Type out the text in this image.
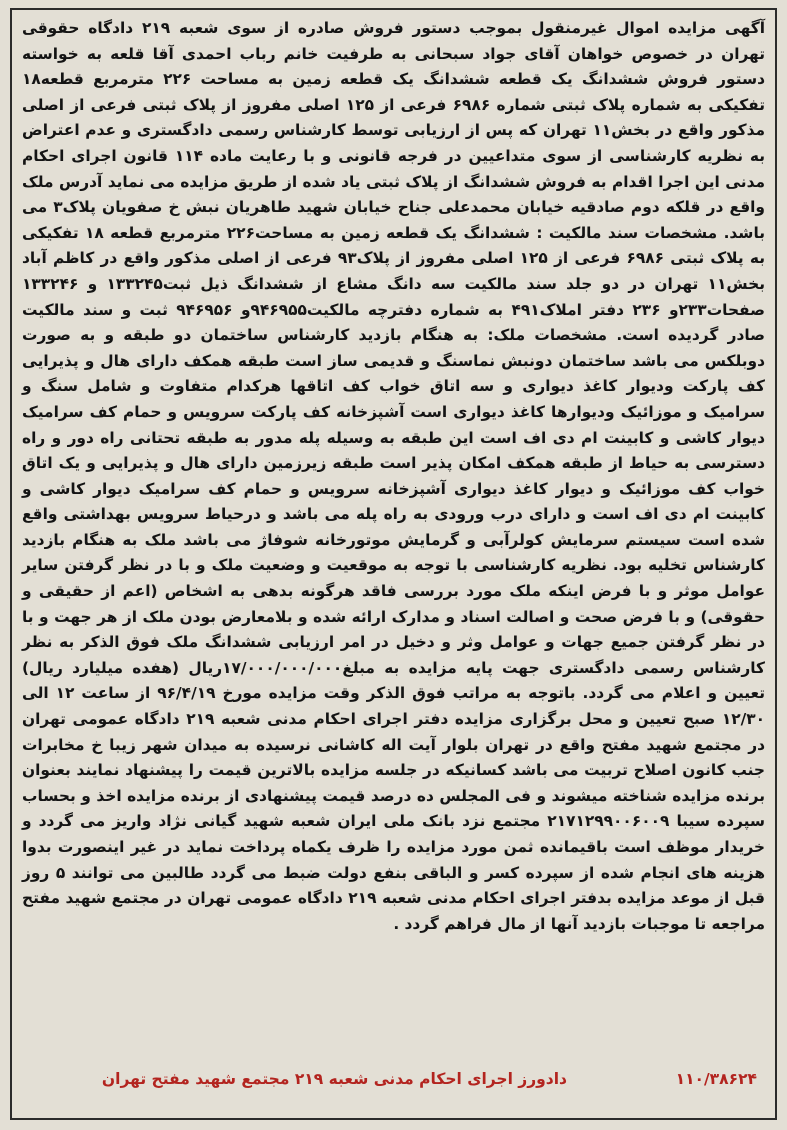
آگهی مزایده اموال غیرمنقول بموجب دستور فروش صادره از سوی شعبه ۲۱۹ دادگاه حقوقی تهران در خصوص خواهان آقای جواد سبحانی به طرفیت خانم رباب احمدی آقا قلعه به خواسته دستور فروش ششدانگ یک قطعه ششدانگ یک قطعه زمین به مساحت ۲۲۶ مترمربع قطعه۱۸ تفکیکی به شماره پلاک ثبتی شماره ۶۹۸۶ فرعی از ۱۲۵ اصلی مفروز از پلاک ثبتی فرعی از اصلی مذکور واقع در بخش۱۱ تهران که پس از ارزیابی توسط کارشناس رسمی دادگستری و عدم اعتراض به نظریه کارشناسی از سوی متداعیین در فرجه قانونی و با رعایت ماده ۱۱۴ قانون اجرای احکام مدنی این اجرا اقدام به فروش ششدانگ از پلاک ثبتی یاد شده از طریق مزایده می نماید آدرس ملک واقع در قلکه دوم صادقیه خیابان محمدعلی جناح خیابان شهید طاهریان نبش خ صفویان پلاک۳ می باشد. مشخصات سند مالکیت : ششدانگ یک قطعه زمین به مساحت۲۲۶ مترمربع قطعه ۱۸ تفکیکی به پلاک ثبتی ۶۹۸۶ فرعی از ۱۲۵ اصلی مفروز از پلاک۹۳ فرعی از اصلی مذکور واقع در کاظم آباد بخش۱۱ تهران در دو جلد سند مالکیت سه دانگ مشاع از ششدانگ ذیل ثبت۱۳۳۲۴۵ و ۱۳۳۲۴۶ صفحات۲۳۳و ۲۳۶ دفتر املاک۴۹۱ به شماره دفترچه مالکیت۹۴۶۹۵۵و ۹۴۶۹۵۶ ثبت و سند مالکیت صادر گردیده است. مشخصات ملک: به هنگام بازدید کارشناس ساختمان دو طبقه و به صورت دوبلکس می باشد ساختمان دونبش نماسنگ و قدیمی ساز است طبقه همکف دارای هال و پذیرایی کف پارکت ودیوار کاغذ دیواری و سه اتاق خواب کف اتاقها هرکدام متفاوت و شامل سنگ و سرامیک و موزائیک ودیوارها کاغذ دیواری است آشپزخانه کف پارکت سرویس و حمام کف سرامیک دیوار کاشی و کابینت ام دی اف است این طبقه به وسیله پله مدور به طبقه تحتانی راه دور و راه دسترسی به حیاط از طبقه همکف امکان پذیر است طبقه زیرزمین دارای هال و پذیرایی و یک اتاق خواب کف موزائیک و دیوار کاغذ دیواری آشپزخانه سرویس و حمام کف سرامیک دیوار کاشی و کابینت ام دی اف است و دارای درب ورودی به راه پله می باشد و درحیاط سرویس بهداشتی واقع شده است سیستم سرمایش کولرآبی و گرمایش موتورخانه شوفاژ می باشد ملک به هنگام بازدید کارشناس تخلیه بود. نظریه کارشناسی با توجه به موقعیت و وضعیت ملک و با در نظر گرفتن سایر عوامل موثر و با فرض اینکه ملک مورد بررسی فاقد هرگونه بدهی به اشخاص (اعم از حقیقی و حقوقی) و با فرض صحت و اصالت اسناد و مدارک ارائه شده و بلامعارض بودن ملک از هر جهت و با در نظر گرفتن جمیع جهات و عوامل وثر و دخیل در امر ارزیابی ششدانگ ملک فوق الذکر به نظر کارشناس رسمی دادگستری جهت پایه مزایده به مبلغ۱۷/۰۰۰/۰۰۰/۰۰۰ریال (هفده میلیارد ریال) تعیین و اعلام می گردد. باتوجه به مراتب فوق الذکر وقت مزایده مورخ ۹۶/۴/۱۹ از ساعت ۱۲ الی ۱۲/۳۰ صبح تعیین و محل برگزاری مزایده دفتر اجرای احکام مدنی شعبه ۲۱۹ دادگاه عمومی تهران در مجتمع شهید مفتح واقع در تهران بلوار آیت اله کاشانی نرسیده به میدان شهر زیبا خ مخابرات جنب کانون اصلاح تربیت می باشد کسانیکه در جلسه مزایده بالاترین قیمت را پیشنهاد نمایند بعنوان برنده مزایده شناخته میشوند و فی المجلس ده درصد قیمت پیشنهادی از برنده مزایده اخذ و بحساب سپرده سیبا ۲۱۷۱۲۹۹۰۰۶۰۰۹ مجتمع نزد بانک ملی ایران شعبه شهید گیانی نژاد واریز می گردد و خریدار موظف است باقیمانده ثمن مورد مزایده را ظرف یکماه پرداخت نماید در غیر اینصورت بدوا هزینه های انجام شده از سپرده کسر و الباقی بنفع دولت ضبط می گردد طالبین می توانند ۵ روز قبل از موعد مزایده بدفتر اجرای احکام مدنی شعبه ۲۱۹ دادگاه عمومی تهران در مجتمع شهید مفتح مراجعه تا موجبات بازدید آنها از مال فراهم گردد .

۱۱۰/۳۸۶۲۴
دادورز اجرای احکام مدنی شعبه ۲۱۹ مجتمع شهید مفتح تهران
